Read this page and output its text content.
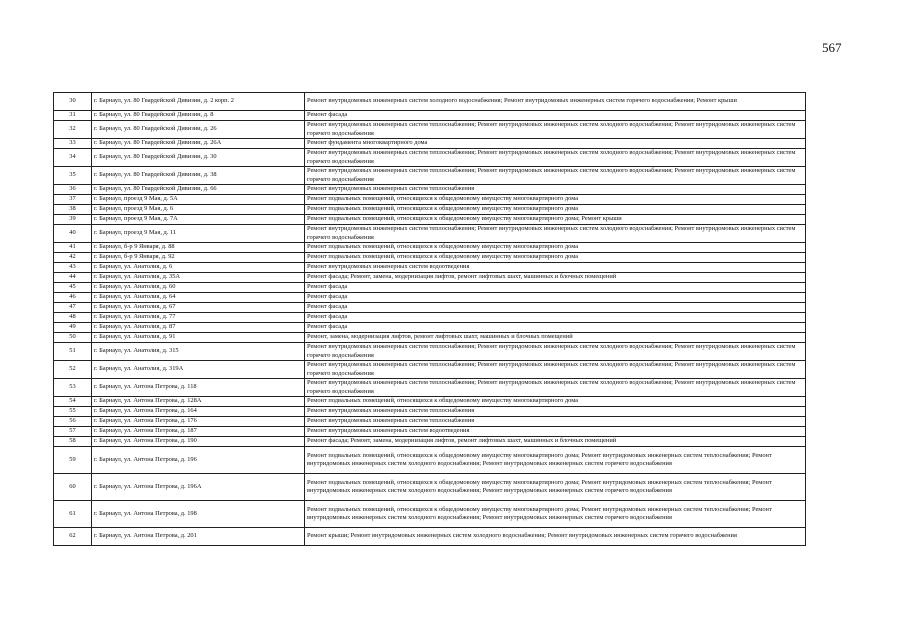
567
30	г. Барнаул, ул. 80 Гвардейской Дивизии, д. 2 корп. 2	Ремонт внутридомовых инженерных систем холодного водоснабжения; Ремонт внутридомовых инженерных систем горячего водоснабжения; Ремонт крыши
31	г. Барнаул, ул. 80 Гвардейской Дивизии, д. 8	Ремонт фасада
32	г. Барнаул, ул. 80 Гвардейской Дивизии, д. 26	Ремонт внутридомовых инженерных систем теплоснабжения; Ремонт внутридомовых инженерных систем холодного водоснабжения; Ремонт внутридомовых инженерных систем горячего водоснабжения
33	г. Барнаул, ул. 80 Гвардейской Дивизии, д. 26А	Ремонт фундамента многоквартирного дома
34	г. Барнаул, ул. 80 Гвардейской Дивизии, д. 30	Ремонт внутридомовых инженерных систем теплоснабжения; Ремонт внутридомовых инженерных систем холодного водоснабжения; Ремонт внутридомовых инженерных систем горячего водоснабжения
35	г. Барнаул, ул. 80 Гвардейской Дивизии, д. 38	Ремонт внутридомовых инженерных систем теплоснабжения; Ремонт внутридомовых инженерных систем холодного водоснабжения; Ремонт внутридомовых инженерных систем горячего водоснабжения
36	г. Барнаул, ул. 80 Гвардейской Дивизии, д. 66	Ремонт внутридомовых инженерных систем теплоснабжения
37	г. Барнаул, проезд 9 Мая, д. 5А	Ремонт подвальных помещений, относящихся к общедомовому имуществу многоквартирного дома
38	г. Барнаул, проезд 9 Мая, д. 6	Ремонт подвальных помещений, относящихся к общедомовому имуществу многоквартирного дома
39	г. Барнаул, проезд 9 Мая, д. 7А	Ремонт подвальных помещений, относящихся к общедомовому имуществу многоквартирного дома; Ремонт крыши
40	г. Барнаул, проезд 9 Мая, д. 11	Ремонт внутридомовых инженерных систем теплоснабжения; Ремонт внутридомовых инженерных систем холодного водоснабжения; Ремонт внутридомовых инженерных систем горячего водоснабжения
41	г. Барнаул, б-р 9 Января, д. 88	Ремонт подвальных помещений, относящихся к общедомовому имуществу многоквартирного дома
42	г. Барнаул, б-р 9 Января, д. 92	Ремонт подвальных помещений, относящихся к общедомовому имуществу многоквартирного дома
43	г. Барнаул, ул. Анатолия, д. 6	Ремонт внутридомовых инженерных систем водоотведения
44	г. Барнаул, ул. Анатолия, д. 35А	Ремонт фасада; Ремонт, замена, модернизация лифтов, ремонт лифтовых шахт, машинных и блочных помещений
45	г. Барнаул, ул. Анатолия, д. 60	Ремонт фасада
46	г. Барнаул, ул. Анатолия, д. 64	Ремонт фасада
47	г. Барнаул, ул. Анатолия, д. 67	Ремонт фасада
48	г. Барнаул, ул. Анатолия, д. 77	Ремонт фасада
49	г. Барнаул, ул. Анатолия, д. 87	Ремонт фасада
50	г. Барнаул, ул. Анатолия, д. 91	Ремонт, замена, модернизация лифтов, ремонт лифтовых шахт, машинных и блочных помещений
51	г. Барнаул, ул. Анатолия, д. 315	Ремонт внутридомовых инженерных систем теплоснабжения; Ремонт внутридомовых инженерных систем холодного водоснабжения; Ремонт внутридомовых инженерных систем горячего водоснабжения
52	г. Барнаул, ул. Анатолия, д. 319А	Ремонт внутридомовых инженерных систем теплоснабжения; Ремонт внутридомовых инженерных систем холодного водоснабжения; Ремонт внутридомовых инженерных систем горячего водоснабжения
53	г. Барнаул, ул. Антона Петрова, д. 118	Ремонт внутридомовых инженерных систем теплоснабжения; Ремонт внутридомовых инженерных систем холодного водоснабжения; Ремонт внутридомовых инженерных систем горячего водоснабжения
54	г. Барнаул, ул. Антона Петрова, д. 128А	Ремонт подвальных помещений, относящихся к общедомовому имуществу многоквартирного дома
55	г. Барнаул, ул. Антона Петрова, д. 164	Ремонт внутридомовых инженерных систем теплоснабжения
56	г. Барнаул, ул. Антона Петрова, д. 176	Ремонт внутридомовых инженерных систем теплоснабжения
57	г. Барнаул, ул. Антона Петрова, д. 187	Ремонт внутридомовых инженерных систем водоотведения
58	г. Барнаул, ул. Антона Петрова, д. 190	Ремонт фасада; Ремонт, замена, модернизация лифтов, ремонт лифтовых шахт, машинных и блочных помещений
59	г. Барнаул, ул. Антона Петрова, д. 196	Ремонт подвальных помещений, относящихся к общедомовому имуществу многоквартирного дома; Ремонт внутридомовых инженерных систем теплоснабжения; Ремонт внутридомовых инженерных систем холодного водоснабжения; Ремонт внутридомовых инженерных систем горячего водоснабжения
60	г. Барнаул, ул. Антона Петрова, д. 196А	Ремонт подвальных помещений, относящихся к общедомовому имуществу многоквартирного дома; Ремонт внутридомовых инженерных систем теплоснабжения; Ремонт внутридомовых инженерных систем холодного водоснабжения; Ремонт внутридомовых инженерных систем горячего водоснабжения
61	г. Барнаул, ул. Антона Петрова, д. 198	Ремонт подвальных помещений, относящихся к общедомовому имуществу многоквартирного дома; Ремонт внутридомовых инженерных систем теплоснабжения; Ремонт внутридомовых инженерных систем холодного водоснабжения; Ремонт внутридомовых инженерных систем горячего водоснабжения
62	г. Барнаул, ул. Антона Петрова, д. 201	Ремонт крыши; Ремонт внутридомовых инженерных систем холодного водоснабжения; Ремонт внутридомовых инженерных систем горячего водоснабжения
